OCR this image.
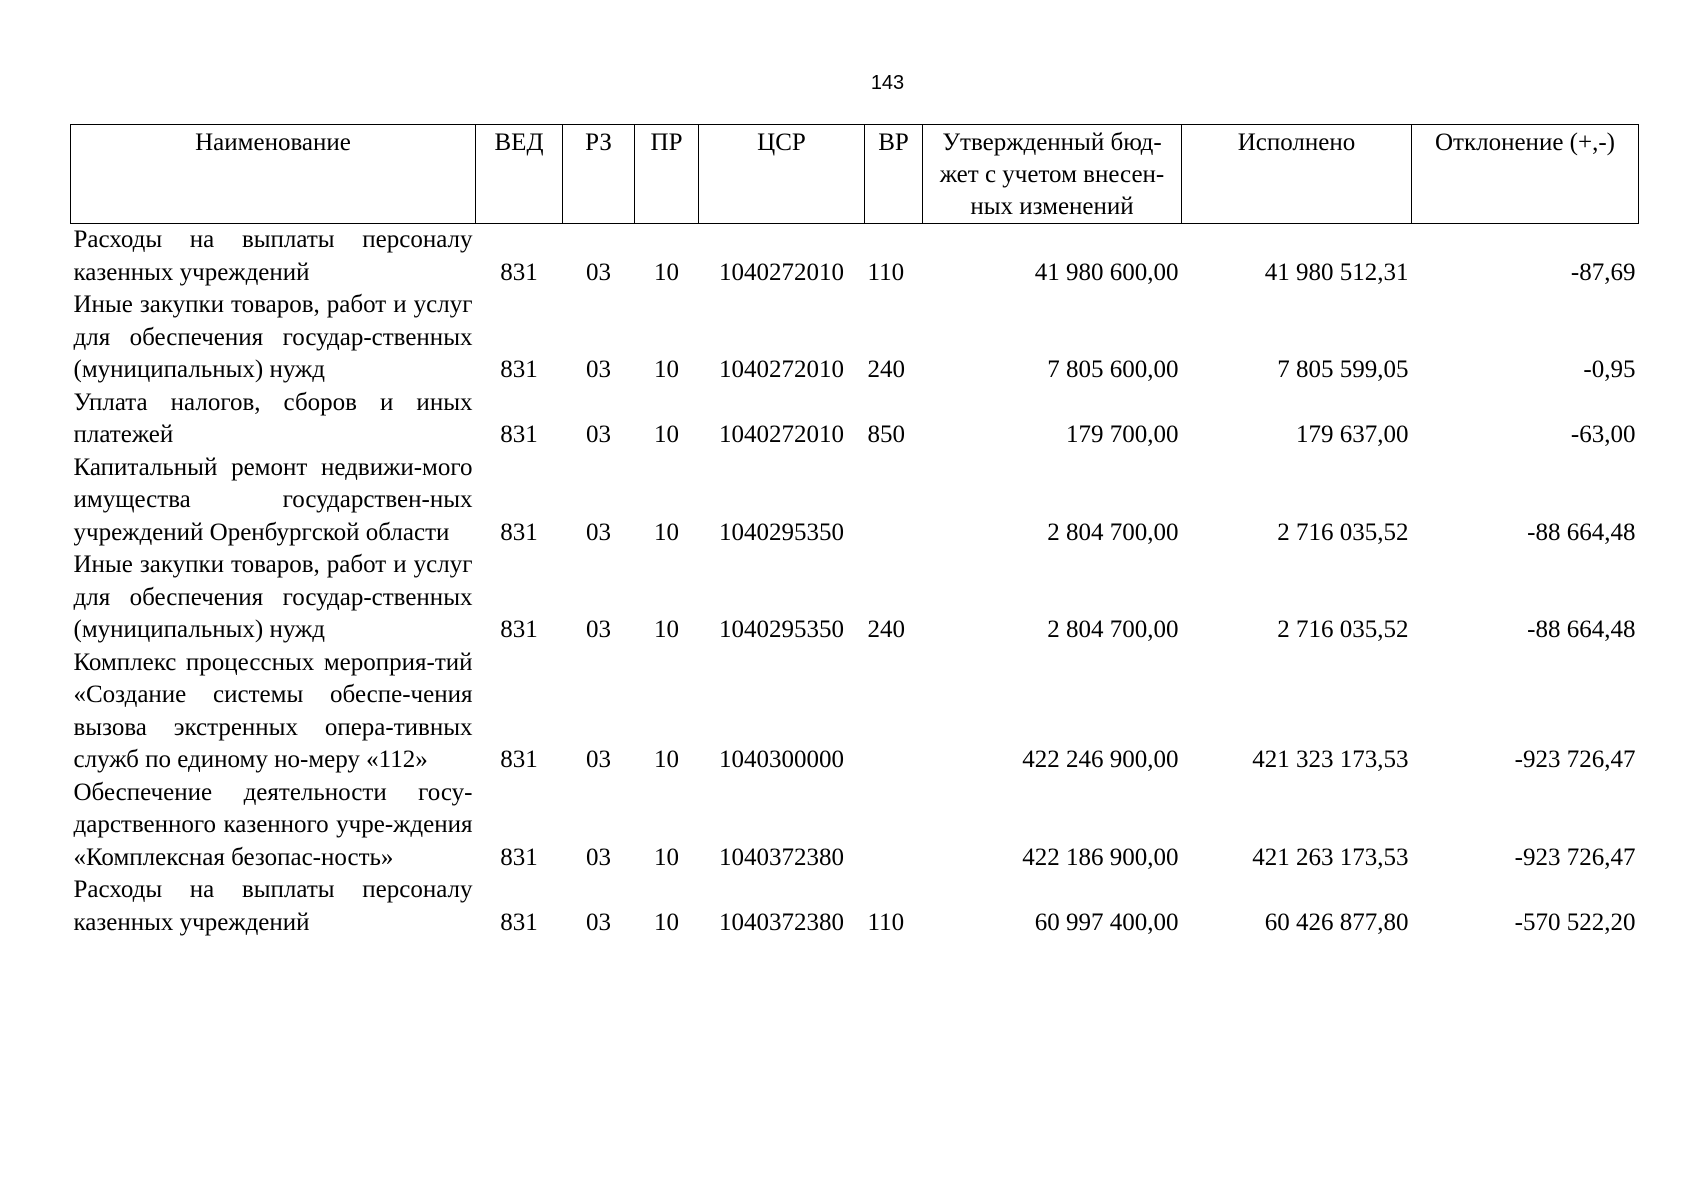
143
Наименование	ВЕД	РЗ	ПР	ЦСР	ВР	Утвержденный бюд-жет с учетом внесен-ных изменений	Исполнено	Отклонение (+,-)
Расходы на выплаты персоналу казенных учреждений	831	03	10	1040272010	110	41 980 600,00	41 980 512,31	-87,69
Иные закупки товаров, работ и услуг для обеспечения государ-ственных (муниципальных) нужд	831	03	10	1040272010	240	7 805 600,00	7 805 599,05	-0,95
Уплата налогов, сборов и иных платежей	831	03	10	1040272010	850	179 700,00	179 637,00	-63,00
Капитальный ремонт недвижи-мого имущества государствен-ных учреждений Оренбургской области	831	03	10	1040295350		2 804 700,00	2 716 035,52	-88 664,48
Иные закупки товаров, работ и услуг для обеспечения государ-ственных (муниципальных) нужд	831	03	10	1040295350	240	2 804 700,00	2 716 035,52	-88 664,48
Комплекс процессных мероприя-тий «Создание системы обеспе-чения вызова экстренных опера-тивных служб по единому но-меру «112»	831	03	10	1040300000		422 246 900,00	421 323 173,53	-923 726,47
Обеспечение деятельности госу-дарственного казенного учре-ждения «Комплексная безопас-ность»	831	03	10	1040372380		422 186 900,00	421 263 173,53	-923 726,47
Расходы на выплаты персоналу казенных учреждений	831	03	10	1040372380	110	60 997 400,00	60 426 877,80	-570 522,20
